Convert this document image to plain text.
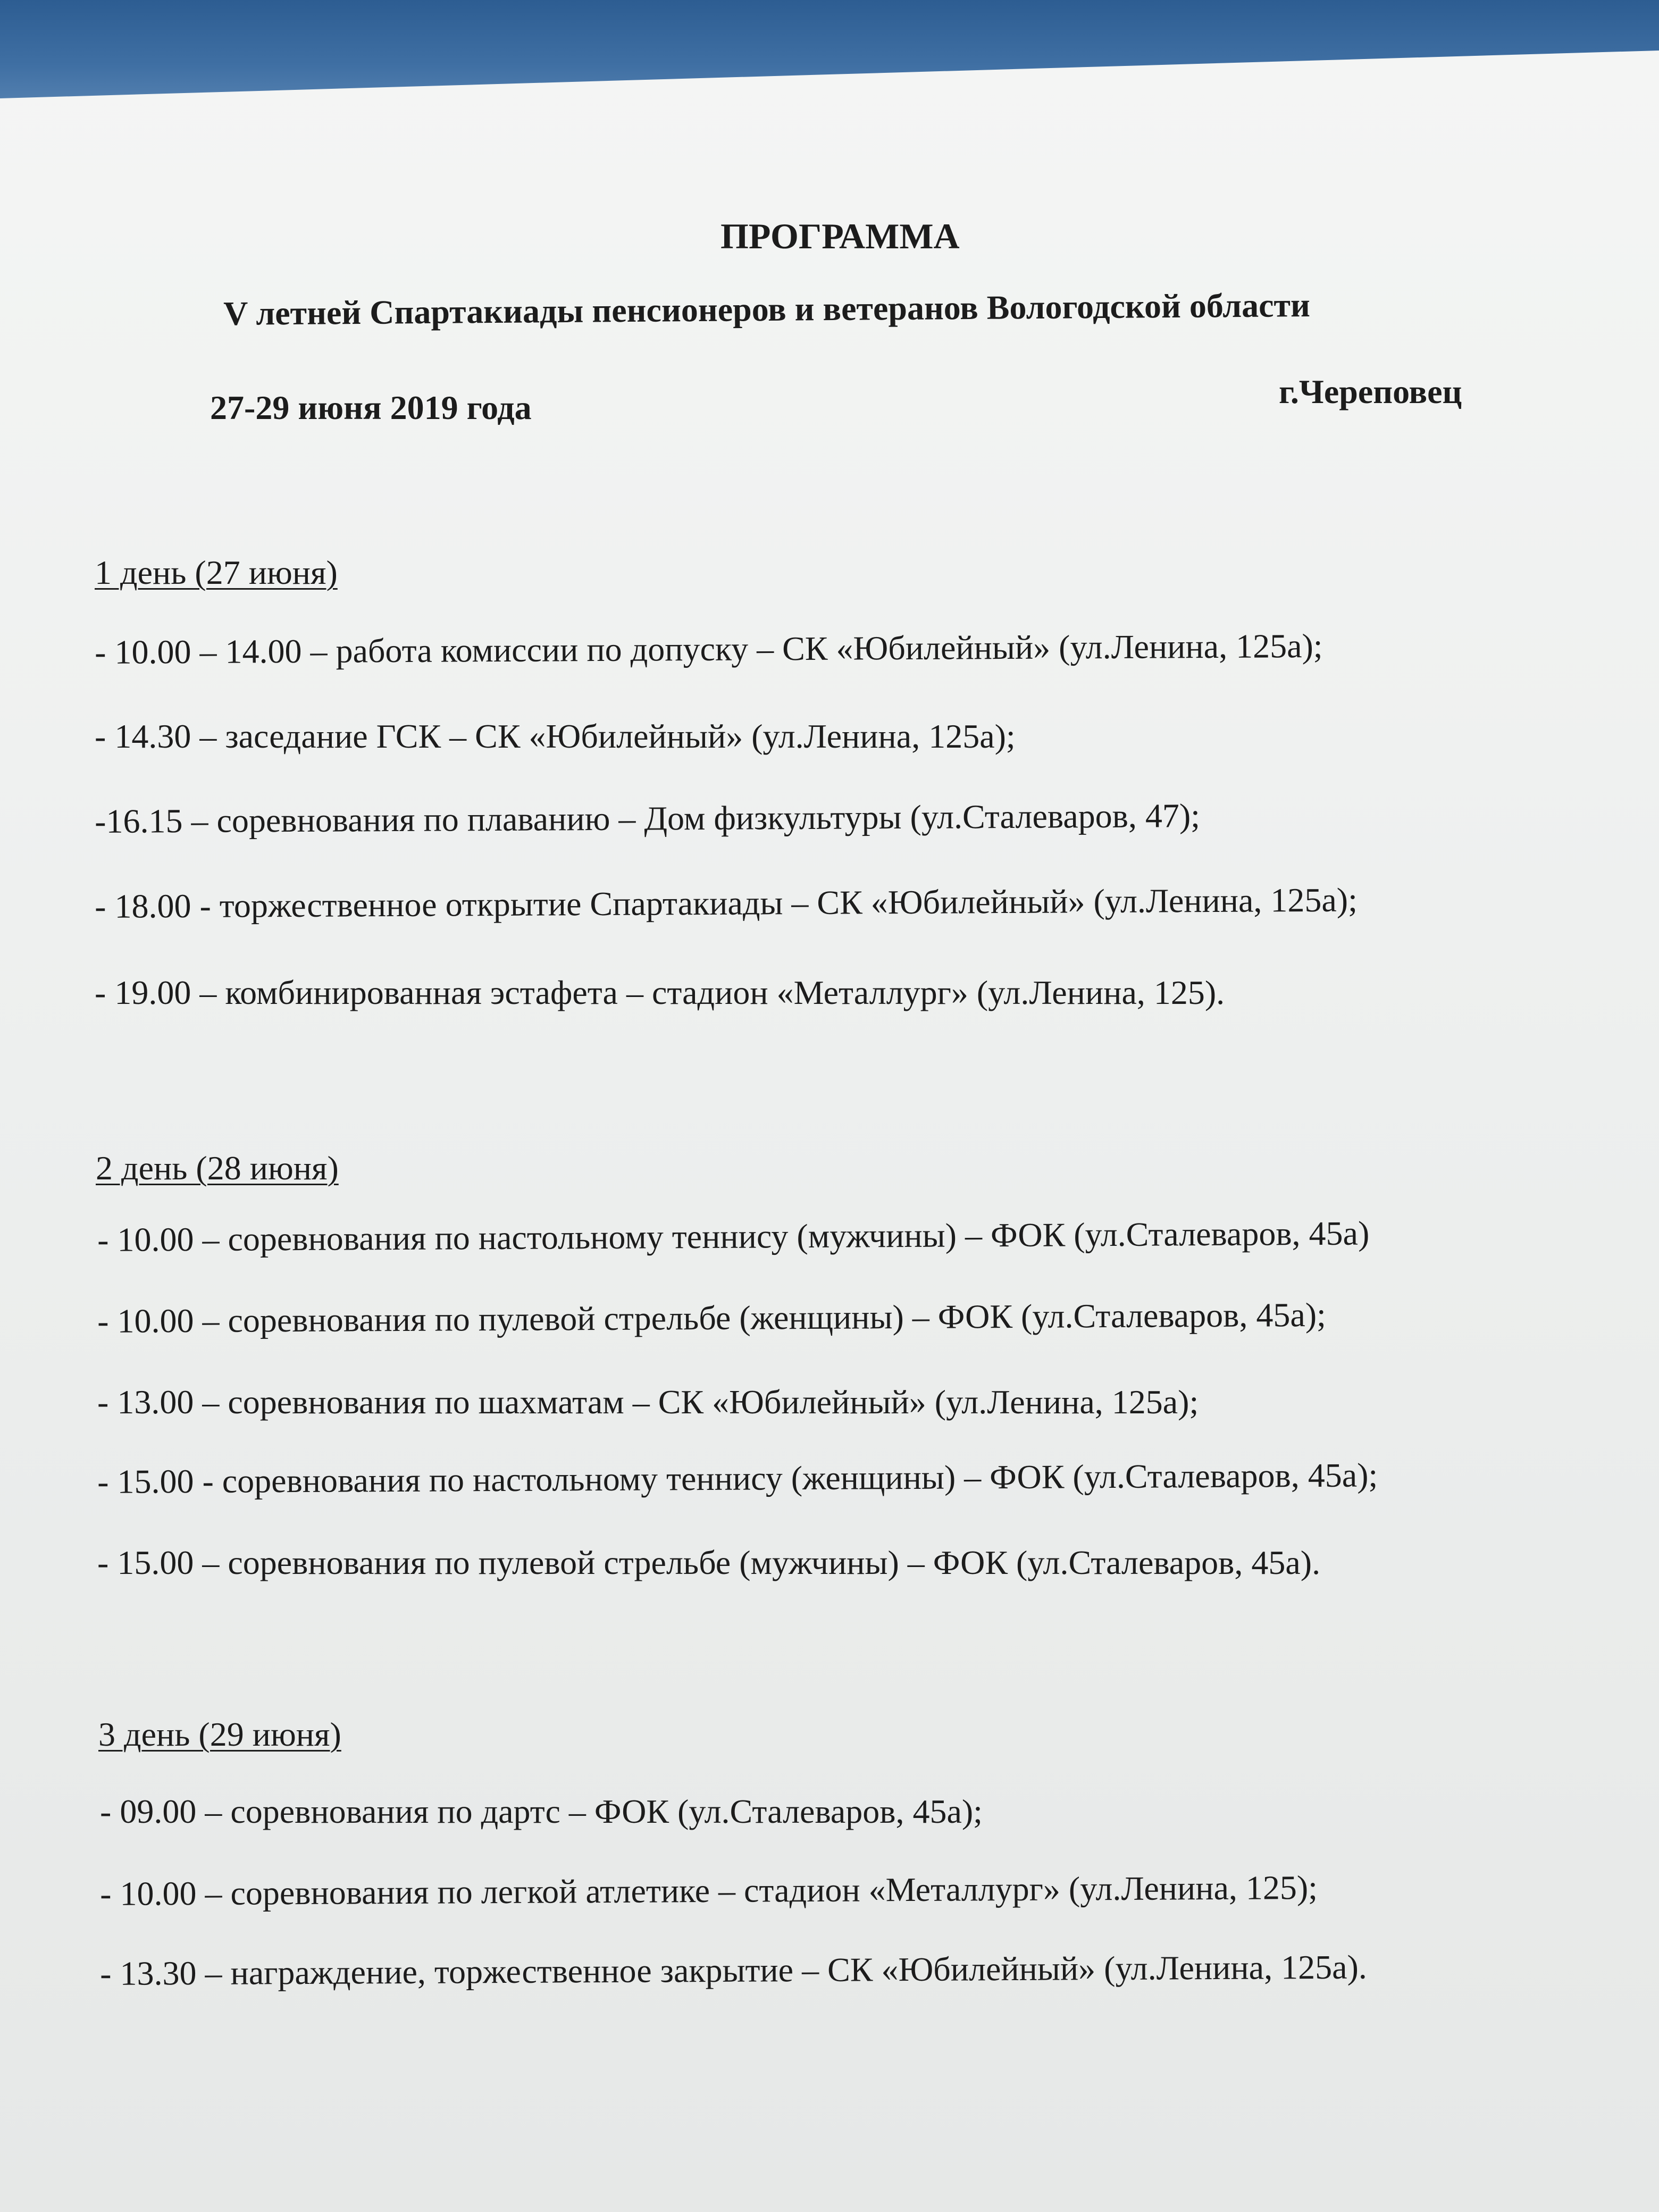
ПРОГРАММА
V летней Спартакиады пенсионеров и ветеранов Вологодской области
27-29 июня 2019 года	г.Череповец
1 день (27 июня)
- 10.00 – 14.00 – работа комиссии по допуску – СК «Юбилейный» (ул.Ленина, 125а);
- 14.30 – заседание ГСК – СК «Юбилейный» (ул.Ленина, 125а);
-16.15 – соревнования по плаванию – Дом физкультуры (ул.Сталеваров, 47);
- 18.00 - торжественное открытие Спартакиады – СК «Юбилейный» (ул.Ленина, 125а);
- 19.00 – комбинированная эстафета – стадион «Металлург» (ул.Ленина, 125).
2 день (28 июня)
- 10.00 – соревнования по настольному теннису (мужчины) – ФОК (ул.Сталеваров, 45а)
- 10.00 – соревнования по пулевой стрельбе (женщины) – ФОК (ул.Сталеваров, 45а);
- 13.00 – соревнования по шахматам – СК «Юбилейный» (ул.Ленина, 125а);
- 15.00 - соревнования по настольному теннису (женщины) – ФОК (ул.Сталеваров, 45а);
- 15.00 – соревнования по пулевой стрельбе (мужчины) – ФОК (ул.Сталеваров, 45а).
3 день (29 июня)
- 09.00 – соревнования по дартс – ФОК (ул.Сталеваров, 45а);
- 10.00 – соревнования по легкой атлетике – стадион «Металлург» (ул.Ленина, 125);
- 13.30 – награждение, торжественное закрытие – СК «Юбилейный» (ул.Ленина, 125а).
